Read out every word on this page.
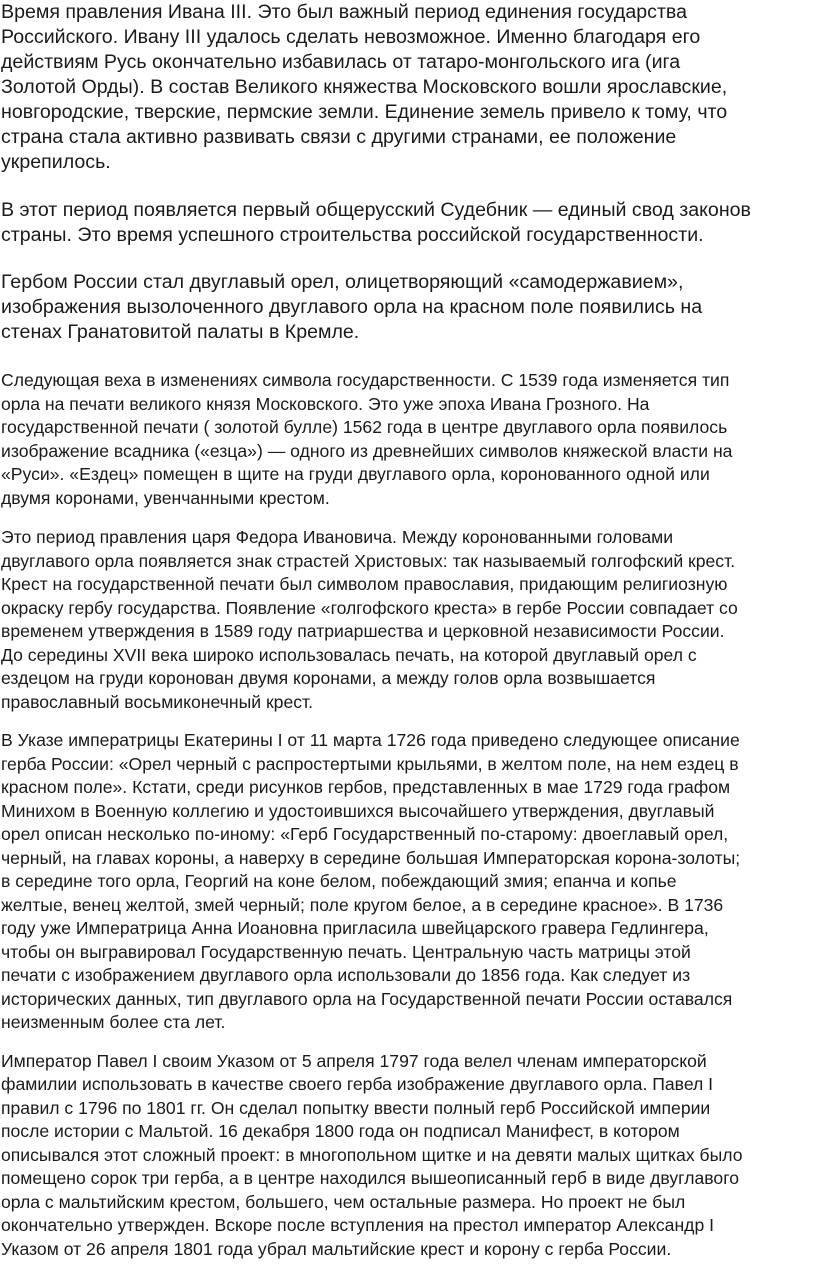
Время правления Ивана III. Это был важный период единения государства
Российского. Ивану III удалось сделать невозможное. Именно благодаря его
действиям Русь окончательно избавилась от татаро-монгольского ига (ига
Золотой Орды). В состав Великого княжества Московского вошли ярославские,
новгородские, тверские, пермские земли. Единение земель привело к тому, что
страна стала активно развивать связи с другими странами, ее положение
укрепилось.

В этот период появляется первый общерусский Судебник — единый свод законов
страны. Это время успешного строительства российской государственности.

Гербом России стал двуглавый орел, олицетворяющий «самодержавием»,
изображения вызолоченного двуглавого орла на красном поле появились на
стенах Гранатовитой палаты в Кремле.

Следующая веха в изменениях символа государственности. С 1539 года изменяется тип
орла на печати великого князя Московского. Это уже эпоха Ивана Грозного. На
государственной печати ( золотой булле) 1562 года в центре двуглавого орла появилось
изображение всадника («езца») — одного из древнейших символов княжеской власти на
«Руси». «Ездец» помещен в щите на груди двуглавого орла, коронованного одной или
двумя коронами, увенчанными крестом.

Это период правления царя Федора Ивановича. Между коронованными головами
двуглавого орла появляется знак страстей Христовых: так называемый голгофский крест.
Крест на государственной печати был символом православия, придающим религиозную
окраску гербу государства. Появление «голгофского креста» в гербе России совпадает со
временем утверждения в 1589 году патриаршества и церковной независимости России.
До середины XVII века широко использовалась печать, на которой двуглавый орел с
ездецом на груди коронован двумя коронами, а между голов орла возвышается
православный восьмиконечный крест.

В Указе императрицы Екатерины I от 11 марта 1726 года приведено следующее описание
герба России: «Орел черный с распростертыми крыльями, в желтом поле, на нем ездец в
красном поле». Кстати, среди рисунков гербов, представленных в мае 1729 года графом
Минихом в Военную коллегию и удостоившихся высочайшего утверждения, двуглавый
орел описан несколько по-иному: «Герб Государственный по-старому: двоеглавый орел,
черный, на главах короны, а наверху в середине большая Императорская корона-золоты;
в середине того орла, Георгий на коне белом, побеждающий змия; епанча и копье
желтые, венец желтой, змей черный; поле кругом белое, а в середине красное». В 1736
году уже Императрица Анна Иоановна пригласила швейцарского гравера Гедлингера,
чтобы он выгравировал Государственную печать. Центральную часть матрицы этой
печати с изображением двуглавого орла использовали до 1856 года. Как следует из
исторических данных, тип двуглавого орла на Государственной печати России оставался
неизменным более ста лет.

Император Павел I своим Указом от 5 апреля 1797 года велел членам императорской
фамилии использовать в качестве своего герба изображение двуглавого орла. Павел I
правил с 1796 по 1801 гг. Он сделал попытку ввести полный герб Российской империи
после истории с Мальтой. 16 декабря 1800 года он подписал Манифест, в котором
описывался этот сложный проект: в многопольном щитке и на девяти малых щитках было
помещено сорок три герба, а в центре находился вышеописанный герб в виде двуглавого
орла с мальтийским крестом, большего, чем остальные размера. Но проект не был
окончательно утвержден. Вскоре после вступления на престол император Александр I
Указом от 26 апреля 1801 года убрал мальтийские крест и корону с герба России.
